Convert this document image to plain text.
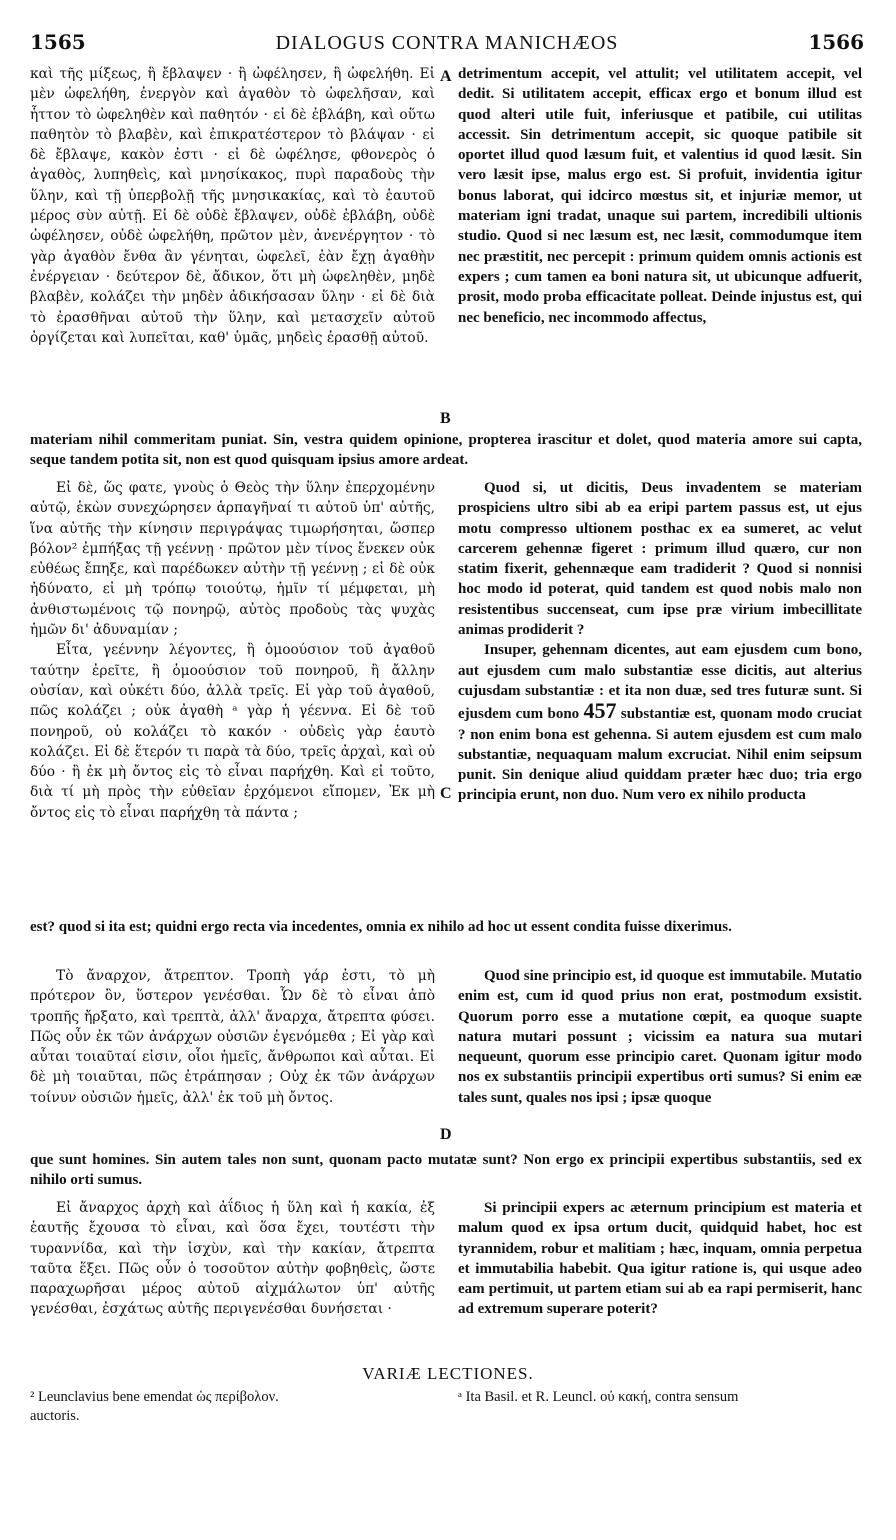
1565	DIALOGUS CONTRA MANICHÆOS	1566

καὶ τῆς μίξεως, ἢ ἔβλαψεν · ἢ ὠφέλησεν, ἢ ὠφελήθη. Εἰ μὲν ὠφελήθη, ἐνεργὸν καὶ ἀγαθὸν τὸ ὠφελῆσαν, καὶ ἧττον τὸ ὠφεληθὲν καὶ παθητόν · εἰ δὲ ἐβλάβη, καὶ οὕτω παθητὸν τὸ βλαβὲν, καὶ ἐπικρατέστερον τὸ βλάψαν · εἰ δὲ ἔβλαψε, κακὸν ἐστι · εἰ δὲ ὠφέλησε, φθονερὸς ὁ ἀγαθὸς, λυπηθεὶς, καὶ μνησίκακος, πυρὶ παραδοὺς τὴν ὕλην, καὶ τῇ ὑπερβολῇ τῆς μνησικακίας, καὶ τὸ ἑαυτοῦ μέρος σὺν αὐτῇ. Εἰ δὲ οὐδὲ ἔβλαψεν, οὐδὲ ἐβλάβη, οὐδὲ ὠφέλησεν, οὐδὲ ὠφελήθη, πρῶτον μὲν, ἀνενέργητον · τὸ γὰρ ἀγαθὸν ἔνθα ἂν γένηται, ὠφελεῖ, ἐὰν ἔχῃ ἀγαθὴν ἐνέργειαν · δεύτερον δὲ, ἄδικον, ὅτι μὴ ὠφεληθὲν, μηδὲ βλαβὲν, κολάζει τὴν μηδὲν ἀδικήσασαν ὕλην · εἰ δὲ διὰ τὸ ἐρασθῆναι αὐτοῦ τὴν ὕλην, καὶ μετασχεῖν αὐτοῦ ὀργίζεται καὶ λυπεῖται, καθ' ὑμᾶς, μηδεὶς ἐρασθῇ αὐτοῦ.

A detrimentum accepit, vel attulit; vel utilitatem accepit, vel dedit. Si utilitatem accepit, efficax ergo et bonum illud est quod alteri utile fuit, inferiusque et patibile, cui utilitas accessit. Sin detrimentum accepit, sic quoque patibile sit oportet illud quod læsum fuit, et valentius id quod læsit. Sin vero læsit ipse, malus ergo est. Si profuit, invidentia igitur bonus laborat, qui idcirco mœstus sit, et injuriæ memor, ut materiam igni tradat, unaque sui partem, incredibili ultionis studio. Quod si nec læsum est, nec læsit, commodumque item nec præstitit, nec percepit : primum quidem omnis actionis est expers ; cum tamen ea boni natura sit, ut ubicunque adfuerit, prosit, modo proba efficacitate polleat. Deinde injustus est, qui nec beneficio, nec incommodo affectus,

B

materiam nihil commeritam puniat. Sin, vestra quidem opinione, propterea irascitur et dolet, quod materia amore sui capta, seque tandem potita sit, non est quod quisquam ipsius amore ardeat.

Εἰ δὲ, ὥς φατε, γνοὺς ὁ Θεὸς τὴν ὕλην ἐπερχομένην αὐτῷ, ἑκὼν συνεχώρησεν ἁρπαγῆναί τι αὐτοῦ ὑπ' αὐτῆς, ἵνα αὐτῆς τὴν κίνησιν περιγράψας τιμωρήσηται, ὥσπερ βόλον² ἐμπήξας τῇ γεέννῃ · πρῶτον μὲν τίνος ἕνεκεν οὐκ εὐθέως ἔπηξε, καὶ παρέδωκεν αὐτὴν τῇ γεέννῃ ; εἰ δὲ οὐκ ἠδύνατο, εἰ μὴ τρόπῳ τοιούτῳ, ἡμῖν τί μέμφεται, μὴ ἀνθιστωμένοις τῷ πονηρῷ, αὐτὸς προδοὺς τὰς ψυχὰς ἡμῶν δι' ἀδυναμίαν ;

Εἶτα, γεέννην λέγοντες, ἢ ὁμοούσιον τοῦ ἀγαθοῦ ταύτην ἐρεῖτε, ἢ ὁμοούσιον τοῦ πονηροῦ, ἢ ἄλλην οὐσίαν, καὶ οὐκέτι δύο, ἀλλὰ τρεῖς. Εἰ γὰρ τοῦ ἀγαθοῦ, πῶς κολάζει ; οὐκ ἀγαθὴ ᵃ γὰρ ἡ γέεννα. Εἰ δὲ τοῦ πονηροῦ, οὐ κολάζει τὸ κακόν · οὐδεὶς γὰρ ἑαυτὸ κολάζει. Εἰ δὲ ἕτερόν τι παρὰ τὰ δύο, τρεῖς ἀρχαὶ, καὶ οὐ δύο · ἢ ἐκ μὴ ὄντος εἰς τὸ εἶναι παρήχθη. Καὶ εἰ τοῦτο, διὰ τί μὴ πρὸς τὴν εὐθεῖαν ἐρχόμενοι εἴπομεν, Ἐκ μὴ ὄντος εἰς τὸ εἶναι παρήχθη τὰ πάντα ;

C

Quod si, ut dicitis, Deus invadentem se materiam prospiciens ultro sibi ab ea eripi partem passus est, ut ejus motu compresso ultionem posthac ex ea sumeret, ac velut carcerem gehennæ figeret : primum illud quæro, cur non statim fixerit, gehennæque eam tradiderit ? Quod si nonnisi hoc modo id poterat, quid tandem est quod nobis malo non resistentibus succenseat, cum ipse præ virium imbecillitate animas prodiderit ?

Insuper, gehennam dicentes, aut eam ejusdem cum bono, aut ejusdem cum malo substantiæ esse dicitis, aut alterius cujusdam substantiæ : et ita non duæ, sed tres futuræ sunt. Si ejusdem cum bono 457 substantiæ est, quonam modo cruciat ? non enim bona est gehenna. Si autem ejusdem est cum malo substantiæ, nequaquam malum excruciat. Nihil enim seipsum punit. Sin denique aliud quiddam præter hæc duo; tria ergo principia erunt, non duo. Num vero ex nihilo producta

est? quod si ita est; quidni ergo recta via incedentes, omnia ex nihilo ad hoc ut essent condita fuisse dixerimus.

Τὸ ἄναρχον, ἄτρεπτον. Τροπὴ γάρ ἐστι, τὸ μὴ πρότερον ὂν, ὕστερον γενέσθαι. Ὧν δὲ τὸ εἶναι ἀπὸ τροπῆς ἤρξατο, καὶ τρεπτὰ, ἀλλ' ἄναρχα, ἄτρεπτα φύσει. Πῶς οὖν ἐκ τῶν ἀνάρχων οὐσιῶν ἐγενόμεθα ; Εἰ γὰρ καὶ αὗται τοιαῦταί εἰσιν, οἷοι ἡμεῖς, ἄνθρωποι καὶ αὗται. Εἰ δὲ μὴ τοιαῦται, πῶς ἐτράπησαν ; Οὐχ ἐκ τῶν ἀνάρχων τοίνυν οὐσιῶν ἡμεῖς, ἀλλ' ἐκ τοῦ μὴ ὄντος.

D

Quod sine principio est, id quoque est immutabile. Mutatio enim est, cum id quod prius non erat, postmodum exsistit. Quorum porro esse a mutatione cœpit, ea quoque suapte natura mutari possunt ; vicissim ea natura sua mutari nequeunt, quorum esse principio caret. Quonam igitur modo nos ex substantiis principii expertibus orti sumus? Si enim eæ tales sunt, quales nos ipsi ; ipsæ quoque

que sunt homines. Sin autem tales non sunt, quonam pacto mutatæ sunt? Non ergo ex principii expertibus substantiis, sed ex nihilo orti sumus.

Εἰ ἄναρχος ἀρχὴ καὶ ἀΐδιος ἡ ὕλη καὶ ἡ κακία, ἐξ ἑαυτῆς ἔχουσα τὸ εἶναι, καὶ ὅσα ἔχει, τουτέστι τὴν τυραννίδα, καὶ τὴν ἰσχὺν, καὶ τὴν κακίαν, ἄτρεπτα ταῦτα ἕξει. Πῶς οὖν ὁ τοσοῦτον αὐτὴν φοβηθεὶς, ὥστε παραχωρῆσαι μέρος αὐτοῦ αἰχμάλωτον ὑπ' αὐτῆς γενέσθαι, ἐσχάτως αὐτῆς περιγενέσθαι δυνήσεται ·

Si principii expers ac æternum principium est materia et malum quod ex ipsa ortum ducit, quidquid habet, hoc est tyrannidem, robur et malitiam ; hæc, inquam, omnia perpetua et immutabilia habebit. Qua igitur ratione is, qui usque adeo eam pertimuit, ut partem etiam sui ab ea rapi permiserit, hanc ad extremum superare poterit?

VARIÆ LECTIONES.
² Leunclavius bene emendat ὡς περίβολον.
auctoris.
ᵃ Ita Basil. et R. Leuncl. οὐ κακή, contra sensum
